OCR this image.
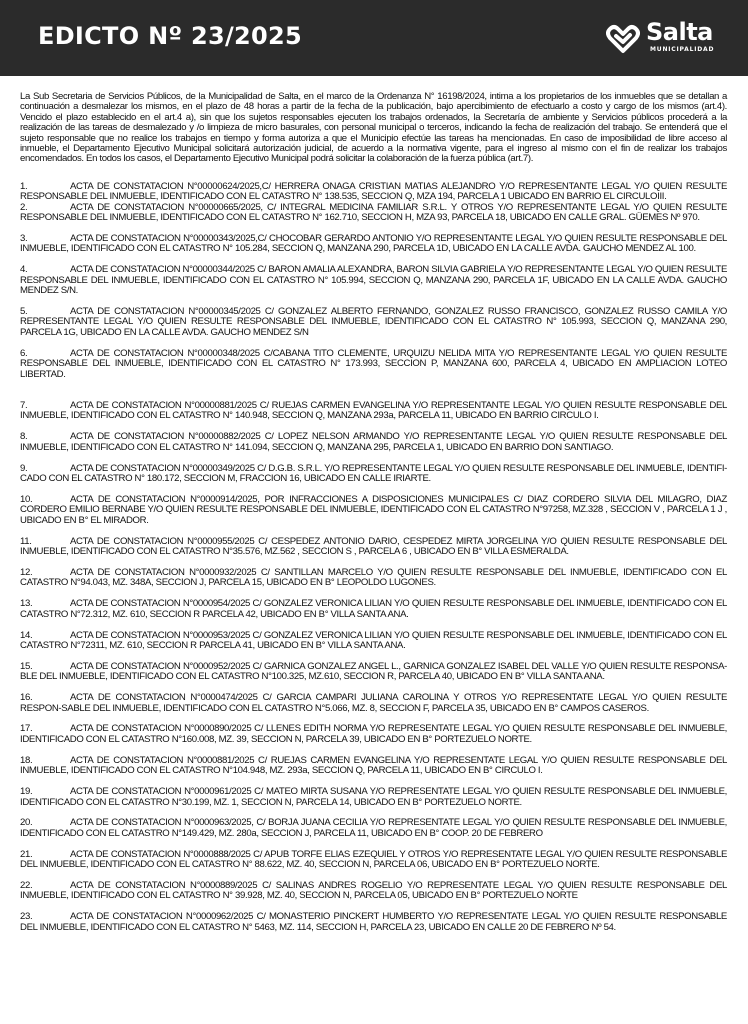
EDICTO Nº 23/2025	Salta
MUNICIPALIDAD

La Sub Secretaria de Servicios Públicos, de la Municipalidad de Salta, en el marco de la Ordenanza N° 16198/2024, intima a los propietarios de los inmuebles que se detallan a continuación a desmalezar los mismos, en el plazo de 48 horas a partir de la fecha de la publicación, bajo apercibimiento de efectuarlo a costo y cargo de los mismos (art.4). Vencido el plazo establecido en el art.4 a), sin que los sujetos responsables ejecuten los trabajos ordenados, la Secretaría de ambiente y Servicios públicos procederá a la realización de las tareas de desmalezado y /o limpieza de micro basurales, con personal municipal o terceros, indicando la fecha de realización del trabajo. Se entenderá que el sujeto responsable que no realice los trabajos en tiempo y forma autoriza a que el Municipio efectúe las tareas ha mencionadas. En caso de imposibilidad de libre acceso al inmueble, el Departamento Ejecutivo Municipal solicitará autorización judicial, de acuerdo a la normativa vigente, para el ingreso al mismo con el fin de realizar los trabajos encomendados. En todos los casos, el Departamento Ejecutivo Municipal podrá solicitar la colaboración de la fuerza pública (art.7).

1.	ACTA DE CONSTATACION N°00000624/2025,C/ HERRERA ONAGA CRISTIAN MATIAS ALEJANDRO Y/O REPRESENTANTE LEGAL Y/O QUIEN RESULTE RESPONSABLE DEL INMUEBLE, IDENTIFICADO CON EL CATASTRO N° 138.535, SECCION Q, MZA 194, PARCELA 1 UBICADO EN BARRIO EL CIRCULOIII.

2.	ACTA DE CONSTATACION N°00000665/2025, C/ INTEGRAL MEDICINA FAMILIAR S.R.L. Y OTROS Y/O REPRESENTANTE LEGAL Y/O QUIEN RESULTE RESPONSABLE DEL INMUEBLE, IDENTIFICADO CON EL CATASTRO N° 162.710, SECCION H, MZA 93, PARCELA 18, UBICADO EN CALLE GRAL. GÜEMES Nº 970.

3.	ACTA DE CONSTATACION N°00000343/2025,C/ CHOCOBAR GERARDO ANTONIO Y/O REPRESENTANTE LEGAL Y/O QUIEN RESULTE RESPONSABLE DEL INMUEBLE, IDENTIFICADO CON EL CATASTRO N° 105.284, SECCION Q, MANZANA 290, PARCELA 1D, UBICADO EN LA CALLE AVDA. GAUCHO MENDEZ AL 100.

4.	ACTA DE CONSTATACION N°00000344/2025 C/ BARON AMALIA ALEXANDRA, BARON SILVIA GABRIELA Y/O REPRESENTANTE LEGAL Y/O QUIEN RESULTE RESPONSABLE DEL INMUEBLE, IDENTIFICADO CON EL CATASTRO N° 105.994, SECCION Q, MANZANA 290, PARCELA 1F, UBICADO EN LA CALLE AVDA. GAUCHO MENDEZ S/N.

5.	ACTA DE CONSTATACION N°00000345/2025 C/ GONZALEZ ALBERTO FERNANDO, GONZALEZ RUSSO FRANCISCO, GONZALEZ RUSSO CAMILA Y/O REPRESENTANTE LEGAL Y/O QUIEN RESULTE RESPONSABLE DEL INMUEBLE, IDENTIFICADO CON EL CATASTRO N° 105.993, SECCION Q, MANZANA 290, PARCELA 1G, UBICADO EN LA CALLE AVDA. GAUCHO MENDEZ S/N

6.	ACTA DE CONSTATACION N°00000348/2025 C/CABANA TITO CLEMENTE, URQUIZU NELIDA MITA Y/O REPRESENTANTE LEGAL Y/O QUIEN RESULTE RESPONSABLE DEL INMUEBLE, IDENTIFICADO CON EL CATASTRO N° 173.993, SECCION P, MANZANA 600, PARCELA 4, UBICADO EN AMPLIACION LOTEO LIBERTAD.

7.	ACTA DE CONSTATACION N°00000881/2025 C/ RUEJAS CARMEN EVANGELINA Y/O REPRESENTANTE LEGAL Y/O QUIEN RESULTE RESPONSABLE DEL INMUEBLE, IDENTIFICADO CON EL CATASTRO N° 140.948, SECCION Q, MANZANA 293a, PARCELA 11, UBICADO EN BARRIO CIRCULO I.

8.	ACTA DE CONSTATACION N°00000882/2025 C/ LOPEZ NELSON ARMANDO Y/O REPRESENTANTE LEGAL Y/O QUIEN RESULTE RESPONSABLE DEL INMUEBLE, IDENTIFICADO CON EL CATASTRO N° 141.094, SECCION Q, MANZANA 295, PARCELA 1, UBICADO EN BARRIO DON SANTIAGO.

9.	ACTA DE CONSTATACION N°00000349/2025 C/ D.G.B. S.R.L. Y/O REPRESENTANTE LEGAL Y/O QUIEN RESULTE RESPONSABLE DEL INMUEBLE, IDENTIFI-CADO CON EL CATASTRO N° 180.172, SECCION M, FRACCION 16, UBICADO EN CALLE IRIARTE.

10.	ACTA DE CONSTATACION N°0000914/2025, POR INFRACCIONES A DISPOSICIONES MUNICIPALES C/ DIAZ CORDERO SILVIA DEL MILAGRO, DIAZ CORDERO EMILIO BERNABE Y/O QUIEN RESULTE RESPONSABLE DEL INMUEBLE, IDENTIFICADO CON EL CATASTRO N°97258, MZ.328 , SECCION V , PARCELA 1 J , UBICADO EN B° EL MIRADOR.

11.	ACTA DE CONSTATACION N°0000955/2025 C/ CESPEDEZ ANTONIO DARIO, CESPEDEZ MIRTA JORGELINA Y/O QUIEN RESULTE RESPONSABLE DEL INMUEBLE, IDENTIFICADO CON EL CATASTRO N°35.576, MZ.562 , SECCION S , PARCELA 6 , UBICADO EN B° VILLA ESMERALDA.

12.	ACTA DE CONSTATACION N°0000932/2025 C/ SANTILLAN MARCELO Y/O QUIEN RESULTE RESPONSABLE DEL INMUEBLE, IDENTIFICADO CON EL CATASTRO N°94.043, MZ. 348A, SECCION J, PARCELA 15, UBICADO EN B° LEOPOLDO LUGONES.

13.	ACTA DE CONSTATACION N°0000954/2025 C/ GONZALEZ VERONICA LILIAN Y/O QUIEN RESULTE RESPONSABLE DEL INMUEBLE, IDENTIFICADO CON EL CATASTRO N°72.312, MZ. 610, SECCION R PARCELA 42, UBICADO EN B° VILLA SANTA ANA.

14.	ACTA DE CONSTATACION N°0000953/2025 C/ GONZALEZ VERONICA LILIAN Y/O QUIEN RESULTE RESPONSABLE DEL INMUEBLE, IDENTIFICADO CON EL CATASTRO N°72311, MZ. 610, SECCION R PARCELA 41, UBICADO EN B° VILLA SANTA ANA.

15.	ACTA DE CONSTATACION N°0000952/2025 C/ GARNICA GONZALEZ ANGEL L., GARNICA GONZALEZ ISABEL DEL VALLE Y/O QUIEN RESULTE RESPONSA-BLE DEL INMUEBLE, IDENTIFICADO CON EL CATASTRO N°100.325, MZ.610, SECCION R, PARCELA 40, UBICADO EN B° VILLA SANTA ANA.

16.	ACTA DE CONSTATACION N°0000474/2025 C/ GARCIA CAMPARI JULIANA CAROLINA Y OTROS Y/O REPRESENTATE LEGAL Y/O QUIEN RESULTE RESPON-SABLE DEL INMUEBLE, IDENTIFICADO CON EL CATASTRO N°5.066, MZ. 8, SECCION F, PARCELA 35, UBICADO EN B° CAMPOS CASEROS.

17.	ACTA DE CONSTATACION N°0000890/2025 C/ LLENES EDITH NORMA Y/O REPRESENTATE LEGAL Y/O QUIEN RESULTE RESPONSABLE DEL INMUEBLE, IDENTIFICADO CON EL CATASTRO N°160.008, MZ. 39, SECCION N, PARCELA 39, UBICADO EN B° PORTEZUELO NORTE.

18.	ACTA DE CONSTATACION N°0000881/2025 C/ RUEJAS CARMEN EVANGELINA Y/O REPRESENTATE LEGAL Y/O QUIEN RESULTE RESPONSABLE DEL INMUEBLE, IDENTIFICADO CON EL CATASTRO N°104.948, MZ. 293a, SECCION Q, PARCELA 11, UBICADO EN B° CIRCULO I.

19.	ACTA DE CONSTATACION N°0000961/2025 C/ MATEO MIRTA SUSANA Y/O REPRESENTATE LEGAL Y/O QUIEN RESULTE RESPONSABLE DEL INMUEBLE, IDENTIFICADO CON EL CATASTRO N°30.199, MZ. 1, SECCION N, PARCELA 14, UBICADO EN B° PORTEZUELO NORTE.

20.	ACTA DE CONSTATACION N°0000963/2025, C/ BORJA JUANA CECILIA Y/O REPRESENTATE LEGAL Y/O QUIEN RESULTE RESPONSABLE DEL INMUEBLE, IDENTIFICADO CON EL CATASTRO N°149.429, MZ. 280a, SECCION J, PARCELA 11, UBICADO EN B° COOP. 20 DE FEBRERO

21.	ACTA DE CONSTATACION N°0000888/2025 C/ APUB TORFE ELIAS EZEQUIEL Y OTROS Y/O REPRESENTATE LEGAL Y/O QUIEN RESULTE RESPONSABLE DEL INMUEBLE, IDENTIFICADO CON EL CATASTRO N° 88.622, MZ. 40, SECCION N, PARCELA 06, UBICADO EN B° PORTEZUELO NORTE.

22.	ACTA DE CONSTATACION N°0000889/2025 C/ SALINAS ANDRES ROGELIO Y/O REPRESENTATE LEGAL Y/O QUIEN RESULTE RESPONSABLE DEL INMUEBLE, IDENTIFICADO CON EL CATASTRO N° 39.928, MZ. 40, SECCION N, PARCELA 05, UBICADO EN B° PORTEZUELO NORTE

23.	ACTA DE CONSTATACION N°0000962/2025 C/ MONASTERIO PINCKERT HUMBERTO Y/O REPRESENTATE LEGAL Y/O QUIEN RESULTE RESPONSABLE DEL INMUEBLE, IDENTIFICADO CON EL CATASTRO N° 5463, MZ. 114, SECCION H, PARCELA 23, UBICADO EN CALLE 20 DE FEBRERO Nº 54.
